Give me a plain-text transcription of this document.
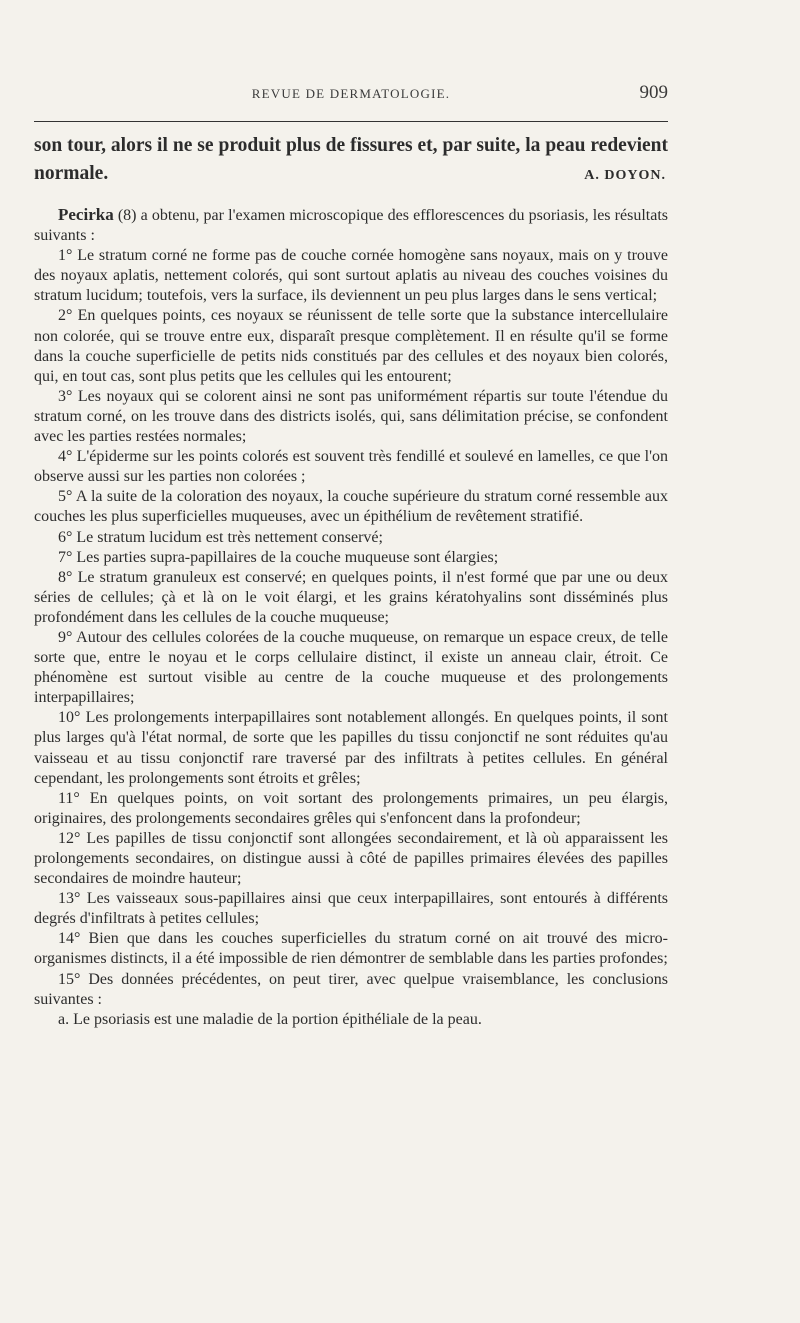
REVUE DE DERMATOLOGIE.	909

son tour, alors il ne se produit plus de fissures et, par suite, la peau redevient normale.	A. DOYON.

Pecirka (8) a obtenu, par l'examen microscopique des efflorescences du psoriasis, les résultats suivants :

1° Le stratum corné ne forme pas de couche cornée homogène sans noyaux, mais on y trouve des noyaux aplatis, nettement colorés, qui sont surtout aplatis au niveau des couches voisines du stratum lucidum; toutefois, vers la surface, ils deviennent un peu plus larges dans le sens vertical;

2° En quelques points, ces noyaux se réunissent de telle sorte que la substance intercellulaire non colorée, qui se trouve entre eux, disparaît presque complètement. Il en résulte qu'il se forme dans la couche superficielle de petits nids constitués par des cellules et des noyaux bien colorés, qui, en tout cas, sont plus petits que les cellules qui les entourent;

3° Les noyaux qui se colorent ainsi ne sont pas uniformément répartis sur toute l'étendue du stratum corné, on les trouve dans des districts isolés, qui, sans délimitation précise, se confondent avec les parties restées normales;

4° L'épiderme sur les points colorés est souvent très fendillé et soulevé en lamelles, ce que l'on observe aussi sur les parties non colorées ;

5° A la suite de la coloration des noyaux, la couche supérieure du stratum corné ressemble aux couches les plus superficielles muqueuses, avec un épithélium de revêtement stratifié.

6° Le stratum lucidum est très nettement conservé;

7° Les parties supra-papillaires de la couche muqueuse sont élargies;

8° Le stratum granuleux est conservé; en quelques points, il n'est formé que par une ou deux séries de cellules; çà et là on le voit élargi, et les grains kératohyalins sont disséminés plus profondément dans les cellules de la couche muqueuse;

9° Autour des cellules colorées de la couche muqueuse, on remarque un espace creux, de telle sorte que, entre le noyau et le corps cellulaire distinct, il existe un anneau clair, étroit. Ce phénomène est surtout visible au centre de la couche muqueuse et des prolongements interpapillaires;

10° Les prolongements interpapillaires sont notablement allongés. En quelques points, il sont plus larges qu'à l'état normal, de sorte que les papilles du tissu conjonctif ne sont réduites qu'au vaisseau et au tissu conjonctif rare traversé par des infiltrats à petites cellules. En général cependant, les prolongements sont étroits et grêles;

11° En quelques points, on voit sortant des prolongements primaires, un peu élargis, originaires, des prolongements secondaires grêles qui s'enfoncent dans la profondeur;

12° Les papilles de tissu conjonctif sont allongées secondairement, et là où apparaissent les prolongements secondaires, on distingue aussi à côté de papilles primaires élevées des papilles secondaires de moindre hauteur;

13° Les vaisseaux sous-papillaires ainsi que ceux interpapillaires, sont entourés à différents degrés d'infiltrats à petites cellules;

14° Bien que dans les couches superficielles du stratum corné on ait trouvé des micro-organismes distincts, il a été impossible de rien démontrer de semblable dans les parties profondes;

15° Des données précédentes, on peut tirer, avec quelpue vraisemblance, les conclusions suivantes :

a. Le psoriasis est une maladie de la portion épithéliale de la peau.
